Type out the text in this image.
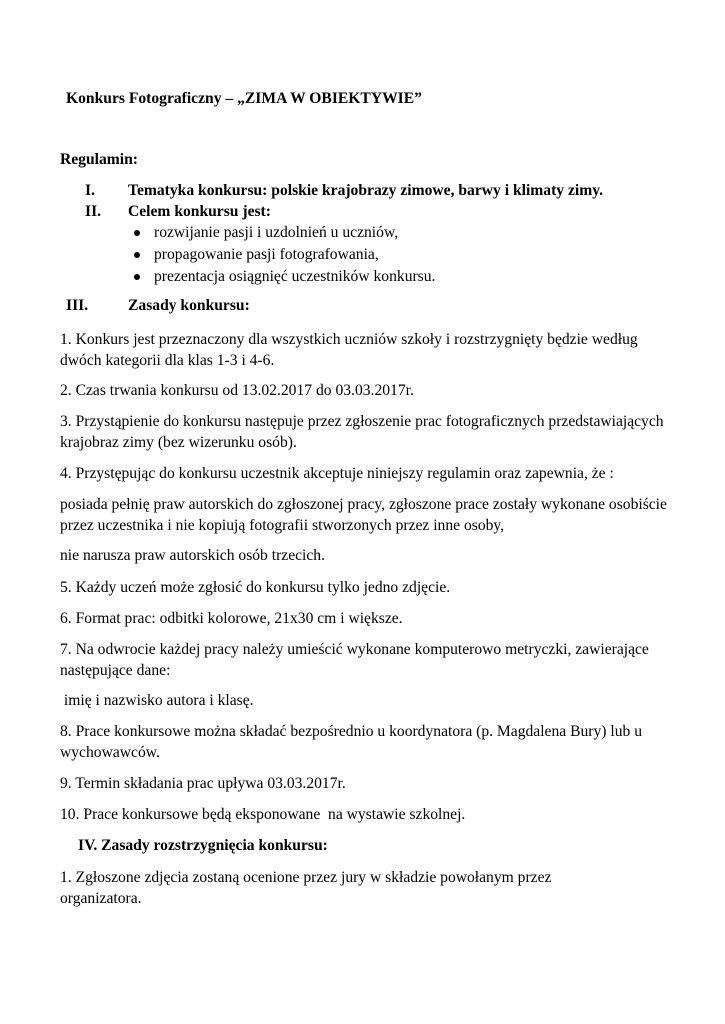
Konkurs Fotograficzny – „ZIMA W OBIEKTYWIE”
Regulamin:
I. Tematyka konkursu: polskie krajobrazy zimowe, barwy i klimaty zimy.
II. Celem konkursu jest:
rozwijanie pasji i uzdolnień u uczniów,
propagowanie pasji fotografowania,
prezentacja osiągnięć uczestników konkursu.
III.	Zasady konkursu:
1. Konkurs jest przeznaczony dla wszystkich uczniów szkoły i rozstrzygnięty będzie według dwóch kategorii dla klas 1-3 i 4-6.
2. Czas trwania konkursu od 13.02.2017 do 03.03.2017r.
3. Przystąpienie do konkursu następuje przez zgłoszenie prac fotograficznych przedstawiających krajobraz zimy (bez wizerunku osób).
4. Przystępując do konkursu uczestnik akceptuje niniejszy regulamin oraz zapewnia, że :
posiada pełnię praw autorskich do zgłoszonej pracy, zgłoszone prace zostały wykonane osobiście przez uczestnika i nie kopiują fotografii stworzonych przez inne osoby,
nie narusza praw autorskich osób trzecich.
5. Każdy uczeń może zgłosić do konkursu tylko jedno zdjęcie.
6. Format prac: odbitki kolorowe, 21x30 cm i większe.
7. Na odwrocie każdej pracy należy umieścić wykonane komputerowo metryczki, zawierające następujące dane:
imię i nazwisko autora i klasę.
8. Prace konkursowe można składać bezpośrednio u koordynatora (p. Magdalena Bury) lub u wychowawców.
9. Termin składania prac upływa 03.03.2017r.
10. Prace konkursowe będą eksponowane  na wystawie szkolnej.
IV. Zasady rozstrzygnięcia konkursu:
1. Zgłoszone zdjęcia zostaną ocenione przez jury w składzie powołanym przez organizatora.
